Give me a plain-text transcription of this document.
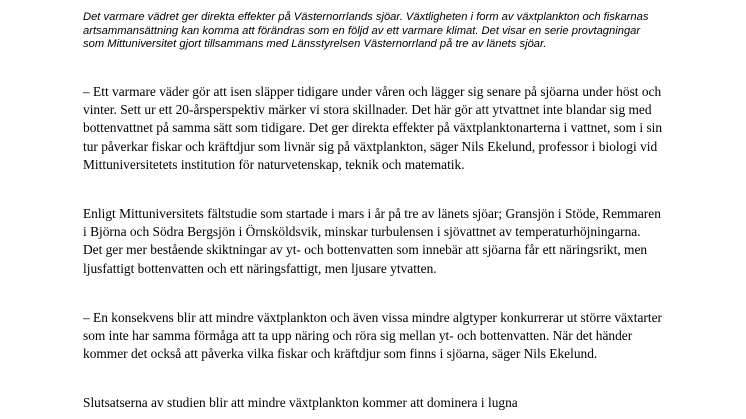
Det varmare vädret ger direkta effekter på Västernorrlands sjöar. Växtligheten i form av växtplankton och fiskarnas artsammansättning kan komma att förändras som en följd av ett varmare klimat. Det visar en serie provtagningar som Mittuniversitet gjort tillsammans med Länsstyrelsen Västernorrland på tre av länets sjöar.

– Ett varmare väder gör att isen släpper tidigare under våren och lägger sig senare på sjöarna under höst och vinter. Sett ur ett 20-årsperspektiv märker vi stora skillnader. Det här gör att ytvattnet inte blandar sig med bottenvattnet på samma sätt som tidigare. Det ger direkta effekter på växtplanktonarterna i vattnet, som i sin tur påverkar fiskar och kräftdjur som livnär sig på växtplankton, säger Nils Ekelund, professor i biologi vid Mittuniversitetets institution för naturvetenskap, teknik och matematik.

Enligt Mittuniversitets fältstudie som startade i mars i år på tre av länets sjöar; Gransjön i Stöde, Remmaren i Björna och Södra Bergsjön i Örnsköldsvik, minskar turbulensen i sjövattnet av temperaturhöjningarna. Det ger mer bestående skiktningar av yt- och bottenvatten som innebär att sjöarna får ett näringsrikt, men ljusfattigt bottenvatten och ett näringsfattigt, men ljusare ytvatten.

– En konsekvens blir att mindre växtplankton och även vissa mindre algtyper konkurrerar ut större växtarter som inte har samma förmåga att ta upp näring och röra sig mellan yt- och bottenvatten. När det händer kommer det också att påverka vilka fiskar och kräftdjur som finns i sjöarna, säger Nils Ekelund.

Slutsatserna av studien blir att mindre växtplankton kommer att dominera i lugna
